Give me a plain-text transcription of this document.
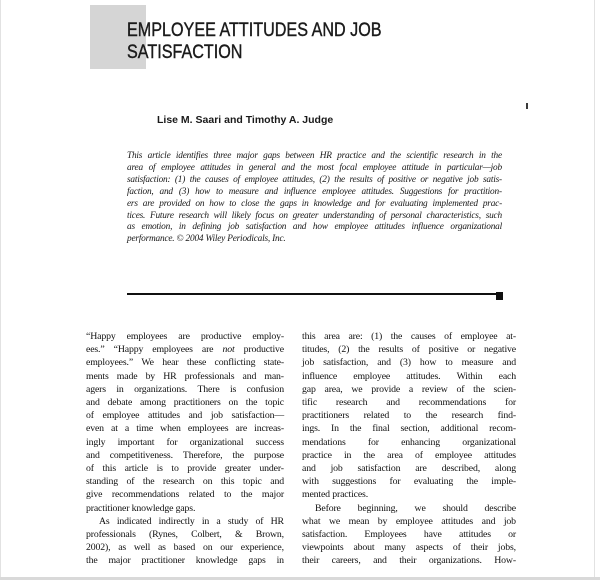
EMPLOYEE ATTITUDES AND JOB
SATISFACTION
Lise M. Saari and Timothy A. Judge
This article identifies three major gaps between HR practice and the scientific research in the
area of employee attitudes in general and the most focal employee attitude in particular—job
satisfaction: (1) the causes of employee attitudes, (2) the results of positive or negative job satis-
faction, and (3) how to measure and influence employee attitudes. Suggestions for practition-
ers are provided on how to close the gaps in knowledge and for evaluating implemented prac-
tices. Future research will likely focus on greater understanding of personal characteristics, such
as emotion, in defining job satisfaction and how employee attitudes influence organizational
performance. © 2004 Wiley Periodicals, Inc.
“Happy employees are productive employ-
ees.” “Happy employees are not productive
employees.” We hear these conflicting state-
ments made by HR professionals and man-
agers in organizations. There is confusion
and debate among practitioners on the topic
of employee attitudes and job satisfaction—
even at a time when employees are increas-
ingly important for organizational success
and competitiveness. Therefore, the purpose
of this article is to provide greater under-
standing of the research on this topic and
give recommendations related to the major
practitioner knowledge gaps.
As indicated indirectly in a study of HR
professionals (Rynes, Colbert, & Brown,
2002), as well as based on our experience,
the major practitioner knowledge gaps in
this area are: (1) the causes of employee at-
titudes, (2) the results of positive or negative
job satisfaction, and (3) how to measure and
influence employee attitudes. Within each
gap area, we provide a review of the scien-
tific research and recommendations for
practitioners related to the research find-
ings. In the final section, additional recom-
mendations for enhancing organizational
practice in the area of employee attitudes
and job satisfaction are described, along
with suggestions for evaluating the imple-
mented practices.
Before beginning, we should describe
what we mean by employee attitudes and job
satisfaction. Employees have attitudes or
viewpoints about many aspects of their jobs,
their careers, and their organizations. How-
